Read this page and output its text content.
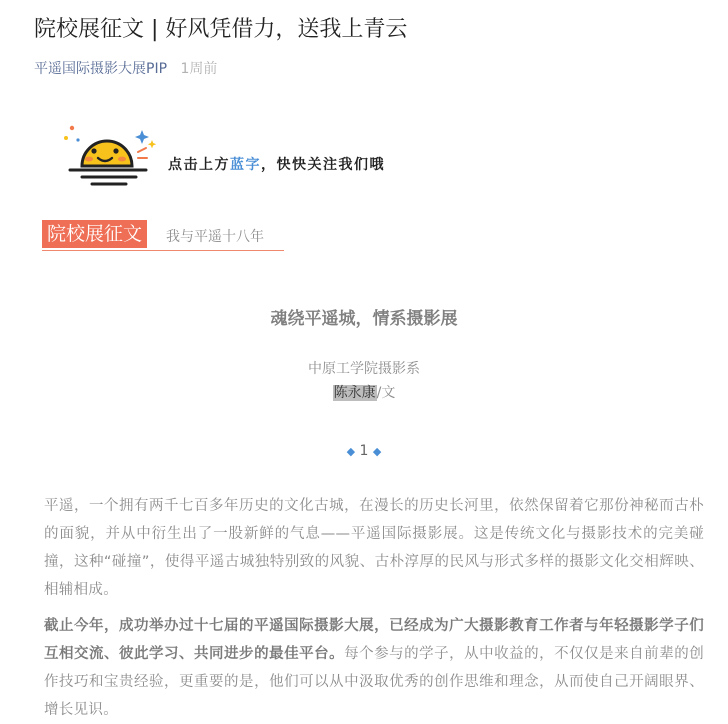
院校展征文 | 好风凭借力，送我上青云
平遥国际摄影大展PIP 1周前
点击上方蓝字，快快关注我们哦
院校展征文	我与平遥十八年
魂绕平遥城，情系摄影展
中原工学院摄影系
陈永康/文
◆ 1 ◆

平遥，一个拥有两千七百多年历史的文化古城，在漫长的历史长河里，依然保留着它那份神秘而古朴的面貌，并从中衍生出了一股新鲜的气息——平遥国际摄影展。这是传统文化与摄影技术的完美碰撞，这种“碰撞”，使得平遥古城独特别致的风貌、古朴淳厚的民风与形式多样的摄影文化交相辉映、相辅相成。

截止今年，成功举办过十七届的平遥国际摄影大展，已经成为广大摄影教育工作者与年轻摄影学子们互相交流、彼此学习、共同进步的最佳平台。每个参与的学子，从中收益的，不仅仅是来自前辈的创作技巧和宝贵经验，更重要的是，他们可以从中汲取优秀的创作思维和理念，从而使自己开阔眼界、增长见识。
